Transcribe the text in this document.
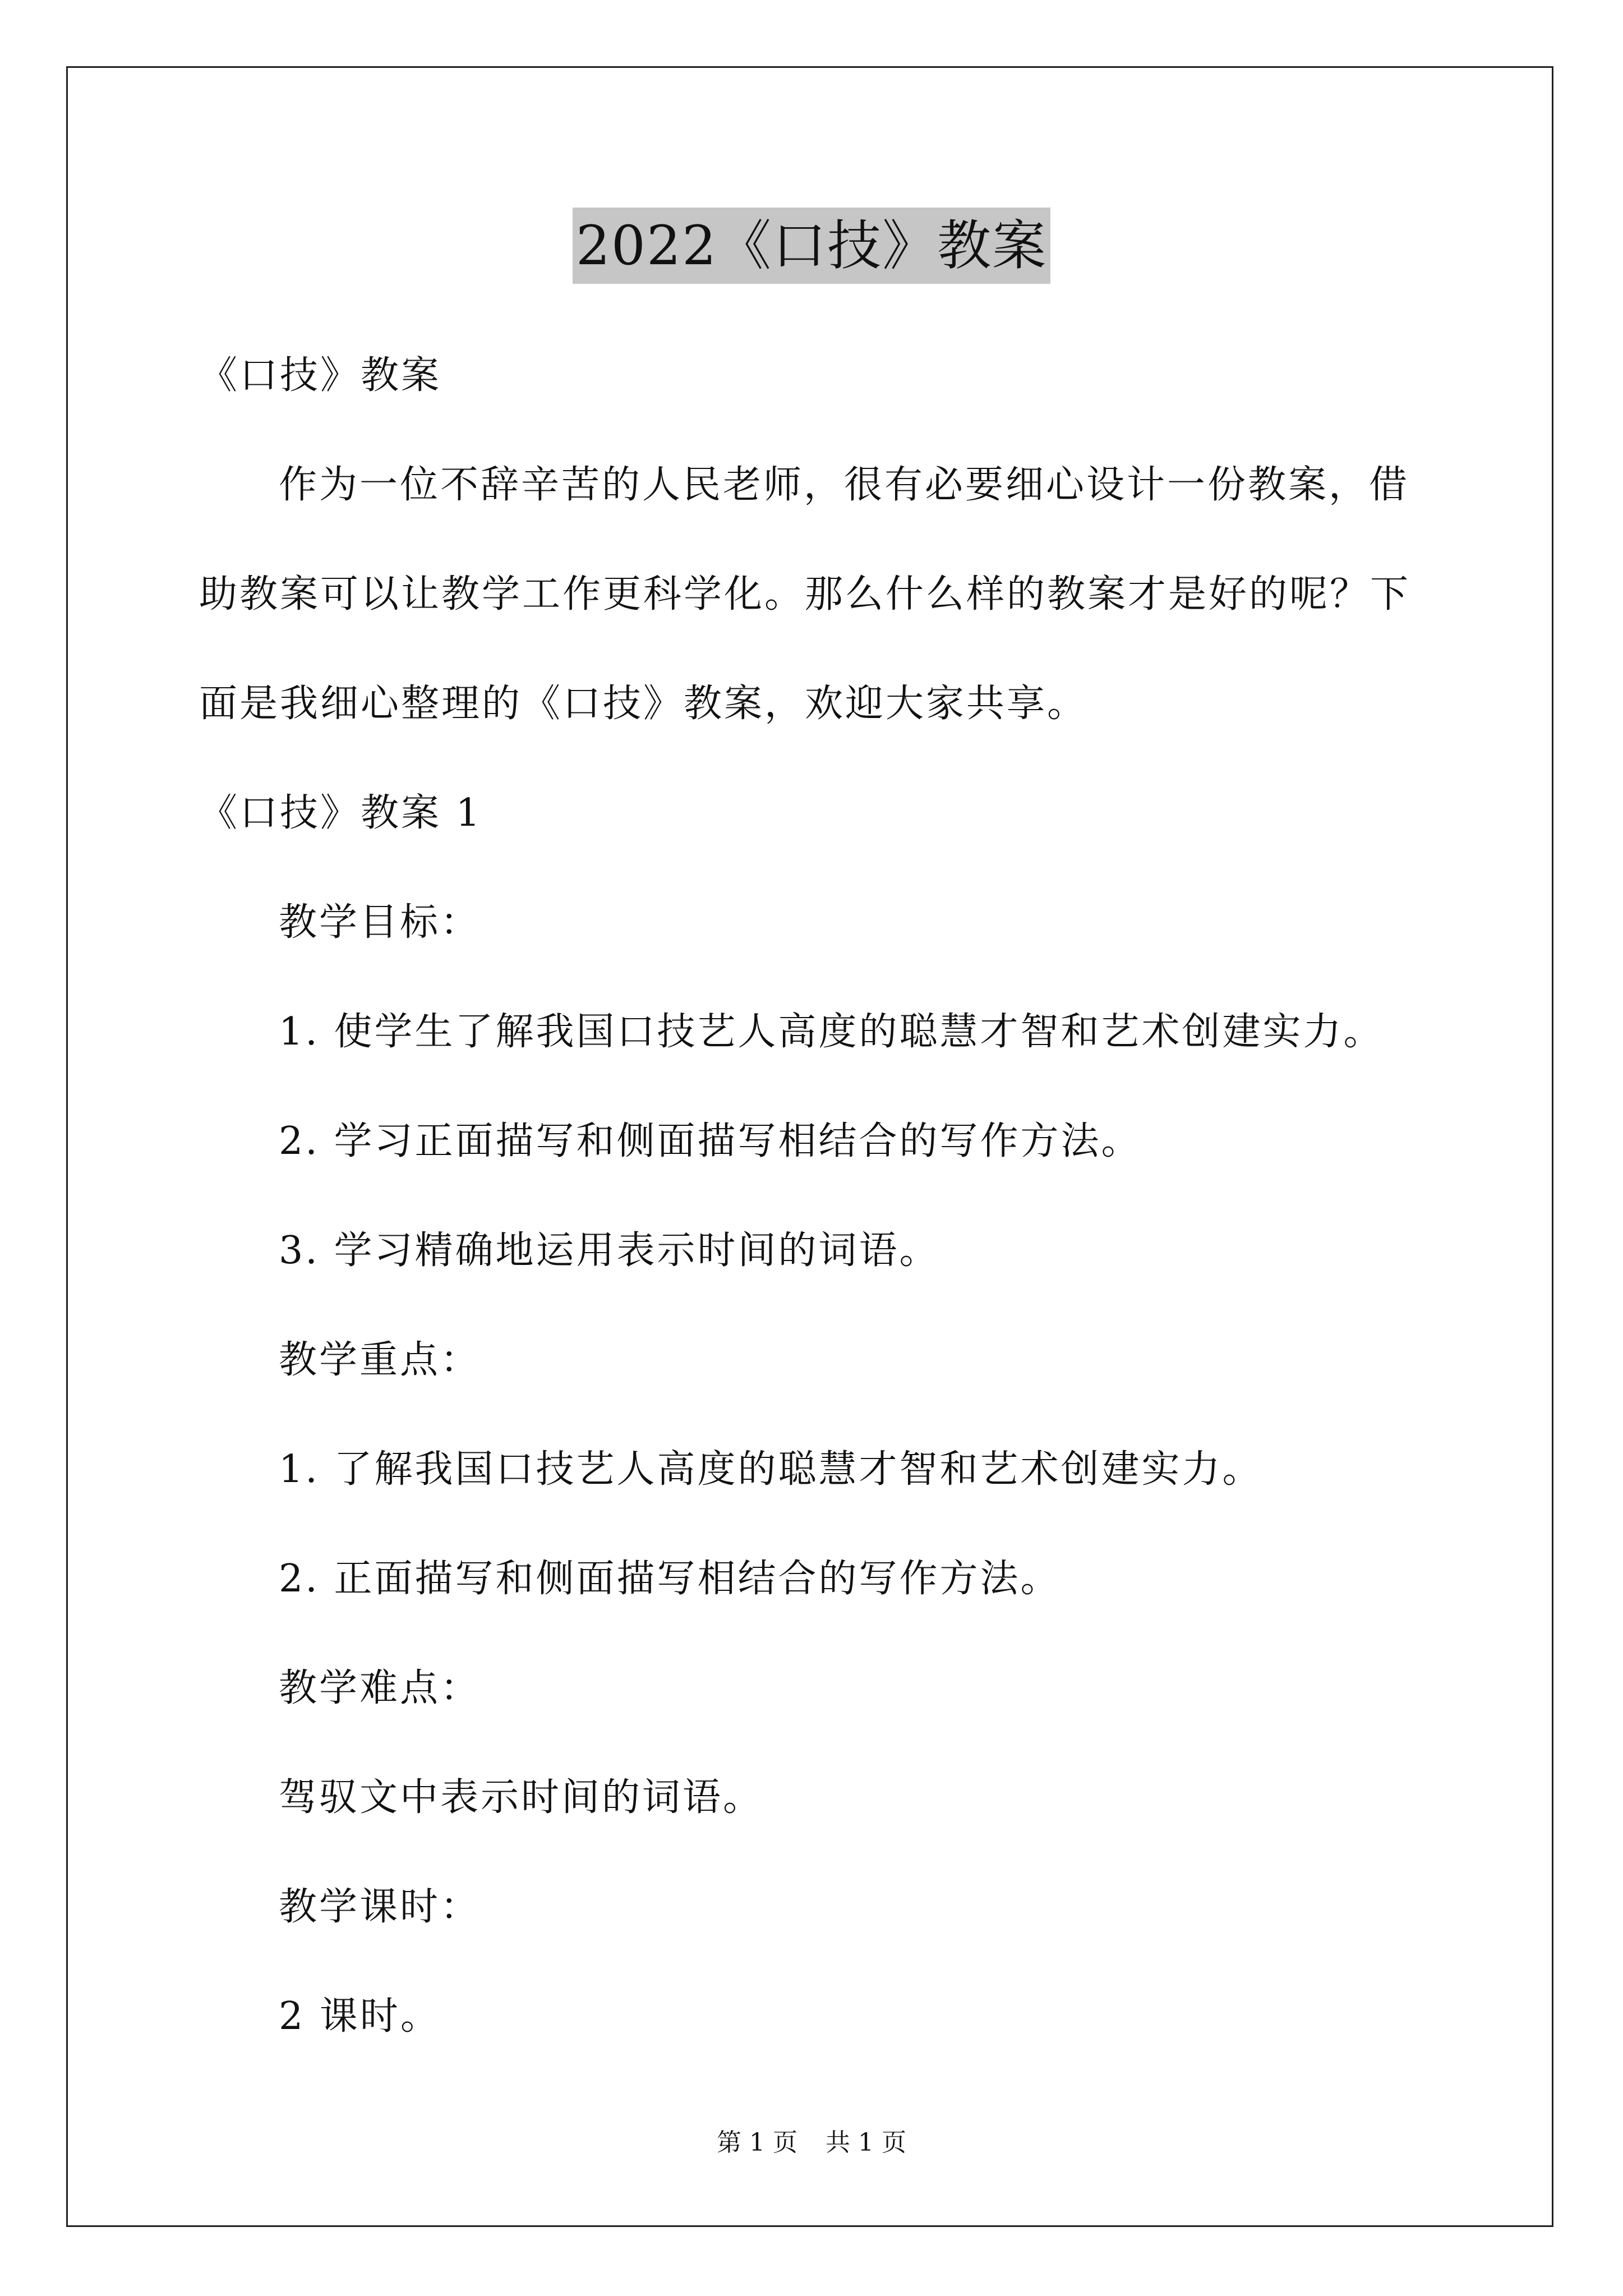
2022《口技》教案
《口技》教案
作为一位不辞辛苦的人民老师，很有必要细心设计一份教案，借
助教案可以让教学工作更科学化。那么什么样的教案才是好的呢？下
面是我细心整理的《口技》教案，欢迎大家共享。
《口技》教案 1
教学目标：
1. 使学生了解我国口技艺人高度的聪慧才智和艺术创建实力。
2. 学习正面描写和侧面描写相结合的写作方法。
3. 学习精确地运用表示时间的词语。
教学重点：
1. 了解我国口技艺人高度的聪慧才智和艺术创建实力。
2. 正面描写和侧面描写相结合的写作方法。
教学难点：
驾驭文中表示时间的词语。
教学课时：
2 课时。
第 1 页 共 1 页
